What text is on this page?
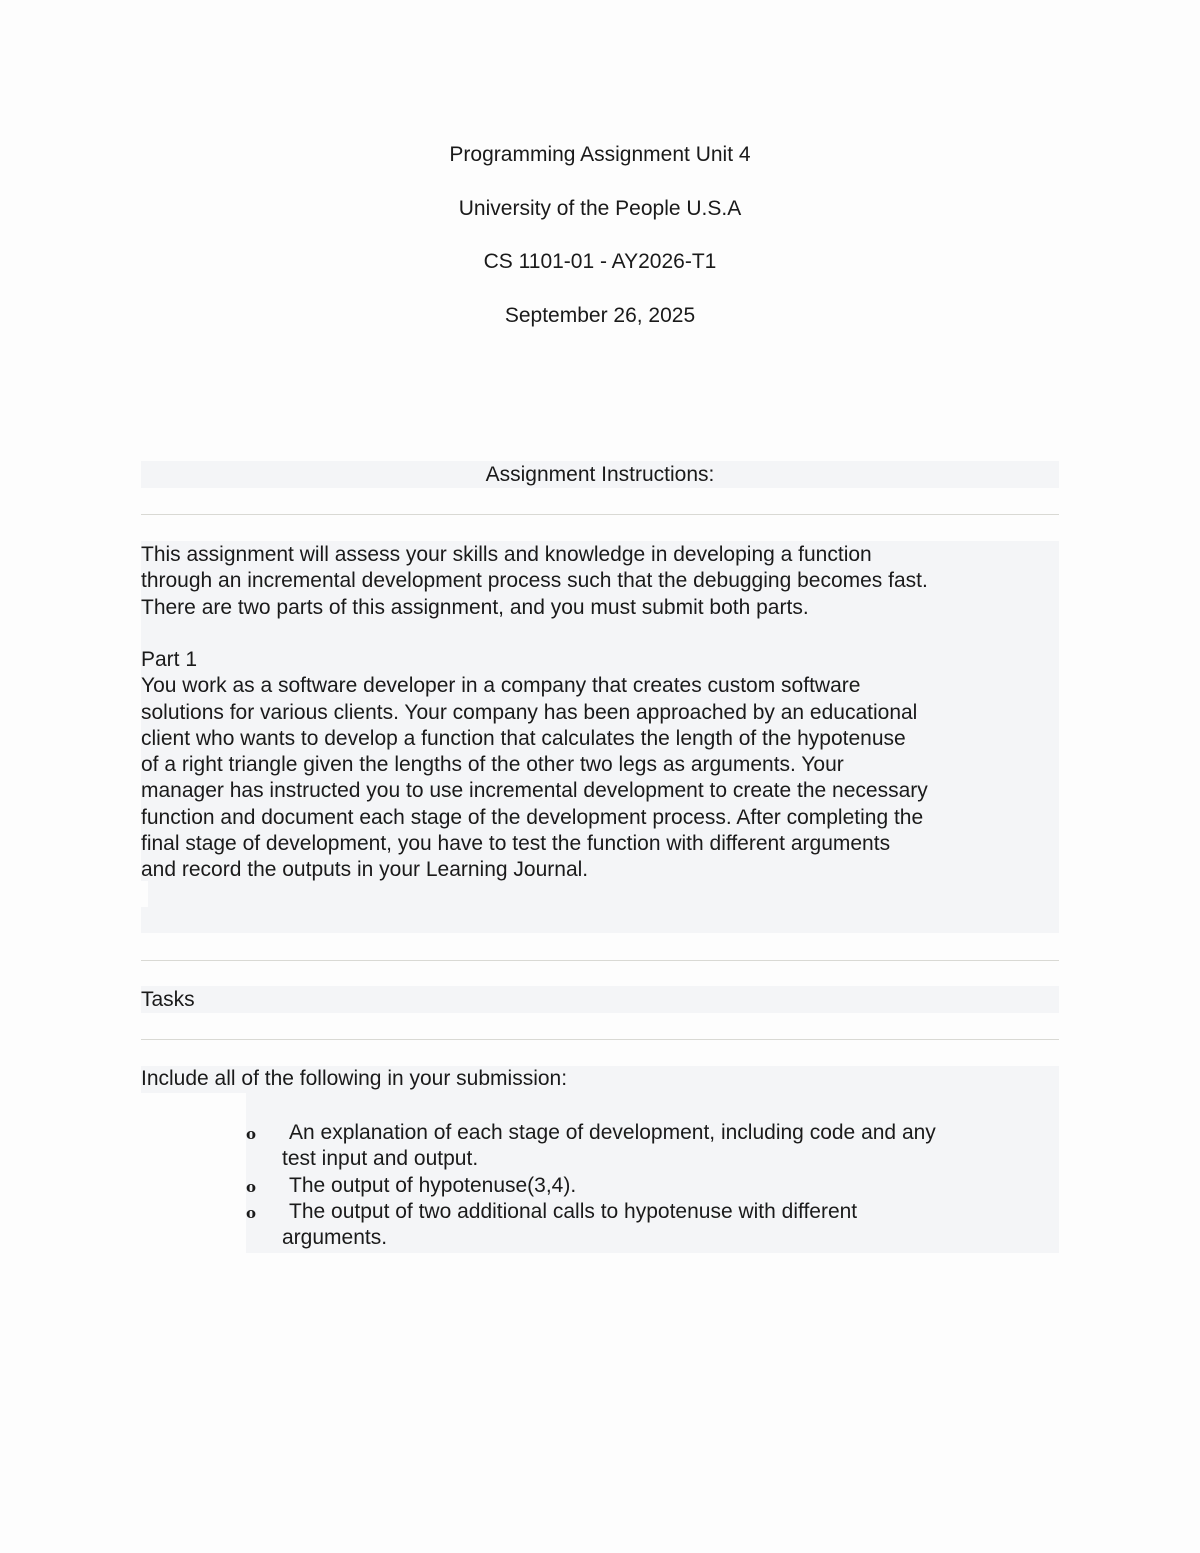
Programming Assignment Unit 4
University of the People U.S.A
CS 1101-01 - AY2026-T1
September 26, 2025
Assignment Instructions:
This assignment will assess your skills and knowledge in developing a function
through an incremental development process such that the debugging becomes fast.
There are two parts of this assignment, and you must submit both parts.
Part 1
You work as a software developer in a company that creates custom software
solutions for various clients. Your company has been approached by an educational
client who wants to develop a function that calculates the length of the hypotenuse
of a right triangle given the lengths of the other two legs as arguments. Your
manager has instructed you to use incremental development to create the necessary
function and document each stage of the development process. After completing the
final stage of development, you have to test the function with different arguments
and record the outputs in your Learning Journal.
Tasks
Include all of the following in your submission:
o	An explanation of each stage of development, including code and any
test input and output.
o	The output of hypotenuse(3,4).
o	The output of two additional calls to hypotenuse with different
arguments.
